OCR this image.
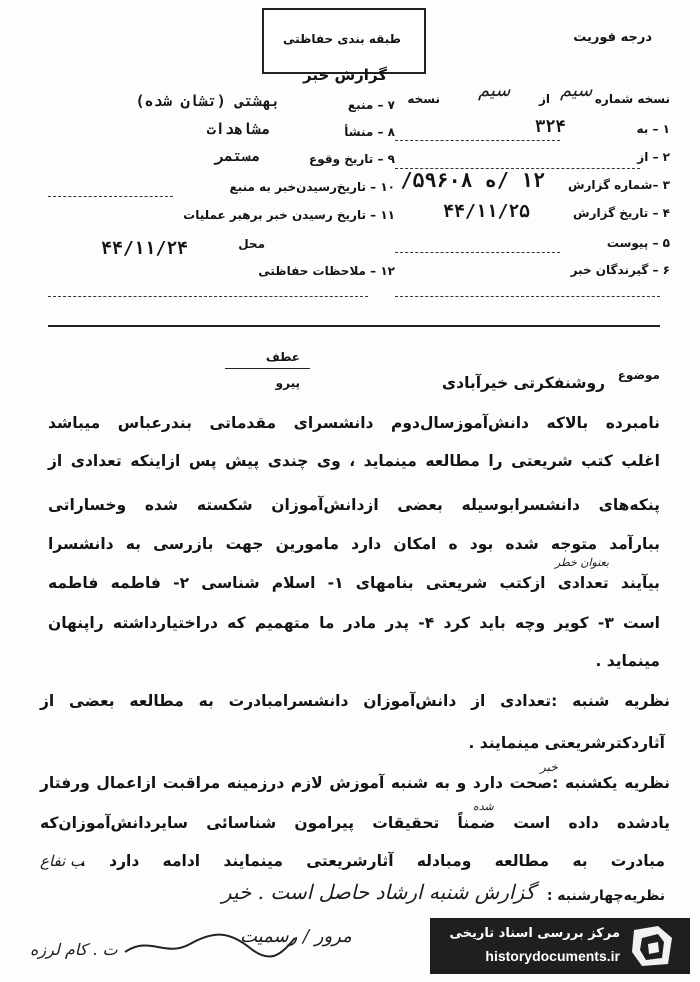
طبقه بندی حفاظتی	درجه فوریت
گزارش خبر
نسخه شماره
سیم
از
سیم
نسخه
۱ – به
۳۲۴
۲ – از
۳ –شماره گزارش
۱۲ /ه ۵۹۶۰۸/
۴ – تاریخ گزارش
۴۴/۱۱/۲۵
۵ – پیوست
۶ – گیرندگان خبر
۷ – منبع
بهشتی (تشان شده)
۸ – منشأ
مشاهدات
۹ – تاریخ وقوع
مستمر
۱۰ – تاریخ‌رسیدن‌خبر به منبع
۱۱ – تاریخ رسیدن خبر برهبر عملیات
محل
۴۴/۱۱/۲۴
۱۲ – ملاحظات حفاظتی
عطف
پیرو
موضوع
روشنفکرتی خیرآبادی
نامبرده بالاکه دانش‌آموزسال‌دوم دانشسرای مقدماتی بندرعباس میباشد
اغلب کتب شریعتی را مطالعه مینماید ، وی چندی پیش پس ازاینکه تعدادی از
پنکه‌های دانشسرابوسیله بعضی ازدانش‌آموزان شکسته شده وخساراتی
ببارآمد متوجه شده بود ه امکان دارد مامورین جهت بازرسی به دانشسرا
بعنوان خطر
بیآیند تعدادی ازکتب شریعتی بنامهای ۱- اسلام شناسی ۲- فاطمه فاطمه
است ۳- کویر وچه باید کرد ۴- پدر مادر ما متهمیم که دراختیارداشته راپنهان
مینماید .
نظریه شنبه :تعدادی از دانش‌آموزان دانشسرامبادرت به مطالعه بعضی از
آثاردکترشریعتی مینمایند .
خبر
نظریه یکشنبه :صحت دارد و به شنبه آموزش لازم درزمینه مراقبت ازاعمال ورفتار
شده
یادشده داده است ضمناً تحقیقات پیرامون شناسائی سایردانش‌آموزان‌که
مبادرت به مطالعه ومبادله آثارشریعتی مینمایند ادامه دارد .
نظریه‌چهارشنبه :
گزارش شنبه ارشاد حاصل است . خیر
ب نفاع
ت . کام لرزه
مرور / رسمیت	مرکز بررسی اسناد تاریخی
historydocuments.ir
